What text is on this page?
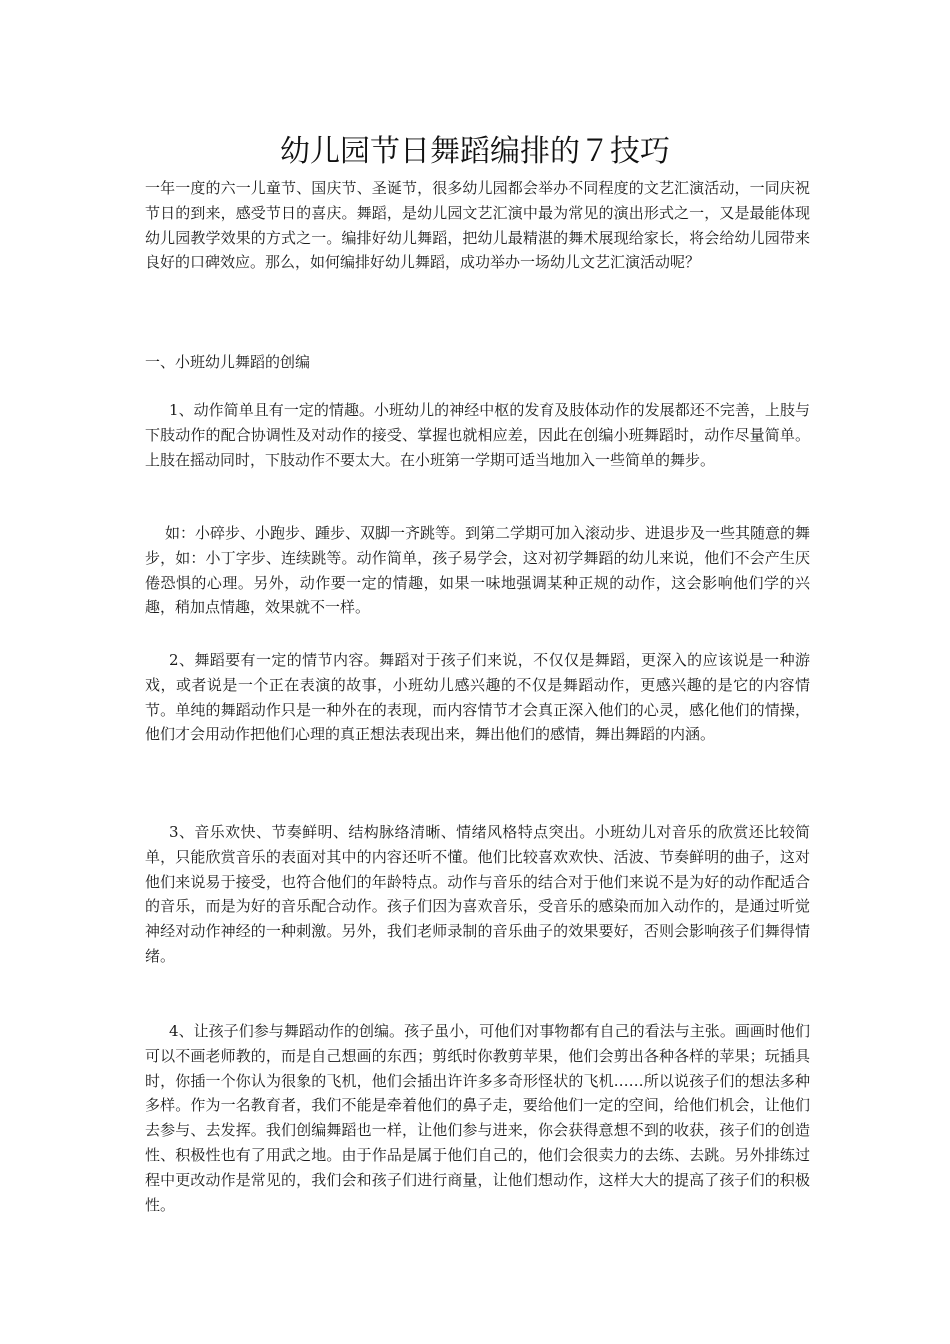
幼儿园节日舞蹈编排的７技巧

一年一度的六一儿童节、国庆节、圣诞节，很多幼儿园都会举办不同程度的文艺汇演活动，一同庆祝节日的到来，感受节日的喜庆。舞蹈，是幼儿园文艺汇演中最为常见的演出形式之一，又是最能体现幼儿园教学效果的方式之一。编排好幼儿舞蹈，把幼儿最精湛的舞术展现给家长，将会给幼儿园带来良好的口碑效应。那么，如何编排好幼儿舞蹈，成功举办一场幼儿文艺汇演活动呢？

一、小班幼儿舞蹈的创编

1、动作简单且有一定的情趣。小班幼儿的神经中枢的发育及肢体动作的发展都还不完善，上肢与下肢动作的配合协调性及对动作的接受、掌握也就相应差，因此在创编小班舞蹈时，动作尽量简单。上肢在摇动同时，下肢动作不要太大。在小班第一学期可适当地加入一些简单的舞步。

如：小碎步、小跑步、踵步、双脚一齐跳等。到第二学期可加入滚动步、进退步及一些其随意的舞步，如：小丁字步、连续跳等。动作简单，孩子易学会，这对初学舞蹈的幼儿来说，他们不会产生厌倦恐惧的心理。另外，动作要一定的情趣，如果一味地强调某种正规的动作，这会影响他们学的兴趣，稍加点情趣，效果就不一样。

2、舞蹈要有一定的情节内容。舞蹈对于孩子们来说，不仅仅是舞蹈，更深入的应该说是一种游戏，或者说是一个正在表演的故事，小班幼儿感兴趣的不仅是舞蹈动作，更感兴趣的是它的内容情节。单纯的舞蹈动作只是一种外在的表现，而内容情节才会真正深入他们的心灵，感化他们的情操，他们才会用动作把他们心理的真正想法表现出来，舞出他们的感情，舞出舞蹈的内涵。

3、音乐欢快、节奏鲜明、结构脉络清晰、情绪风格特点突出。小班幼儿对音乐的欣赏还比较简单，只能欣赏音乐的表面对其中的内容还听不懂。他们比较喜欢欢快、活波、节奏鲜明的曲子，这对他们来说易于接受，也符合他们的年龄特点。动作与音乐的结合对于他们来说不是为好的动作配适合的音乐，而是为好的音乐配合动作。孩子们因为喜欢音乐，受音乐的感染而加入动作的，是通过听觉神经对动作神经的一种刺激。另外，我们老师录制的音乐曲子的效果要好，否则会影响孩子们舞得情绪。

4、让孩子们参与舞蹈动作的创编。孩子虽小，可他们对事物都有自己的看法与主张。画画时他们可以不画老师教的，而是自己想画的东西；剪纸时你教剪苹果，他们会剪出各种各样的苹果；玩插具时，你插一个你认为很象的飞机，他们会插出许许多多奇形怪状的飞机……所以说孩子们的想法多种多样。作为一名教育者，我们不能是牵着他们的鼻子走，要给他们一定的空间，给他们机会，让他们去参与、去发挥。我们创编舞蹈也一样，让他们参与进来，你会获得意想不到的收获，孩子们的创造性、积极性也有了用武之地。由于作品是属于他们自己的，他们会很卖力的去练、去跳。另外排练过程中更改动作是常见的，我们会和孩子们进行商量，让他们想动作，这样大大的提高了孩子们的积极性。
